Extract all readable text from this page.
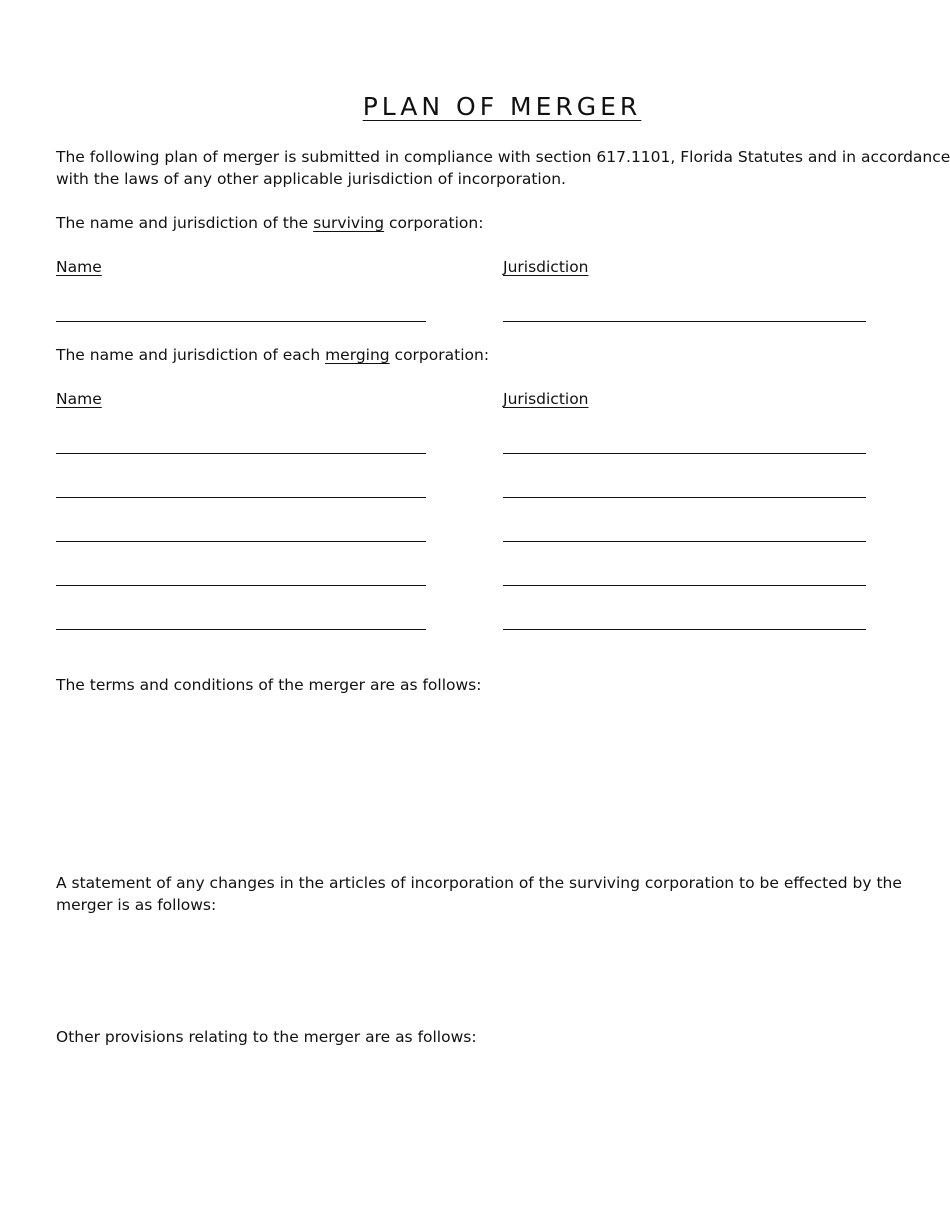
PLAN OF MERGER
The following plan of merger is submitted in compliance with section 617.1101, Florida Statutes and in accordance
with the laws of any other applicable jurisdiction of incorporation.
The name and jurisdiction of the surviving corporation:
Name	Jurisdiction
The name and jurisdiction of each merging corporation:
Name	Jurisdiction
The terms and conditions of the merger are as follows:
A statement of any changes in the articles of incorporation of the surviving corporation to be effected by the
merger is as follows:
Other provisions relating to the merger are as follows:
